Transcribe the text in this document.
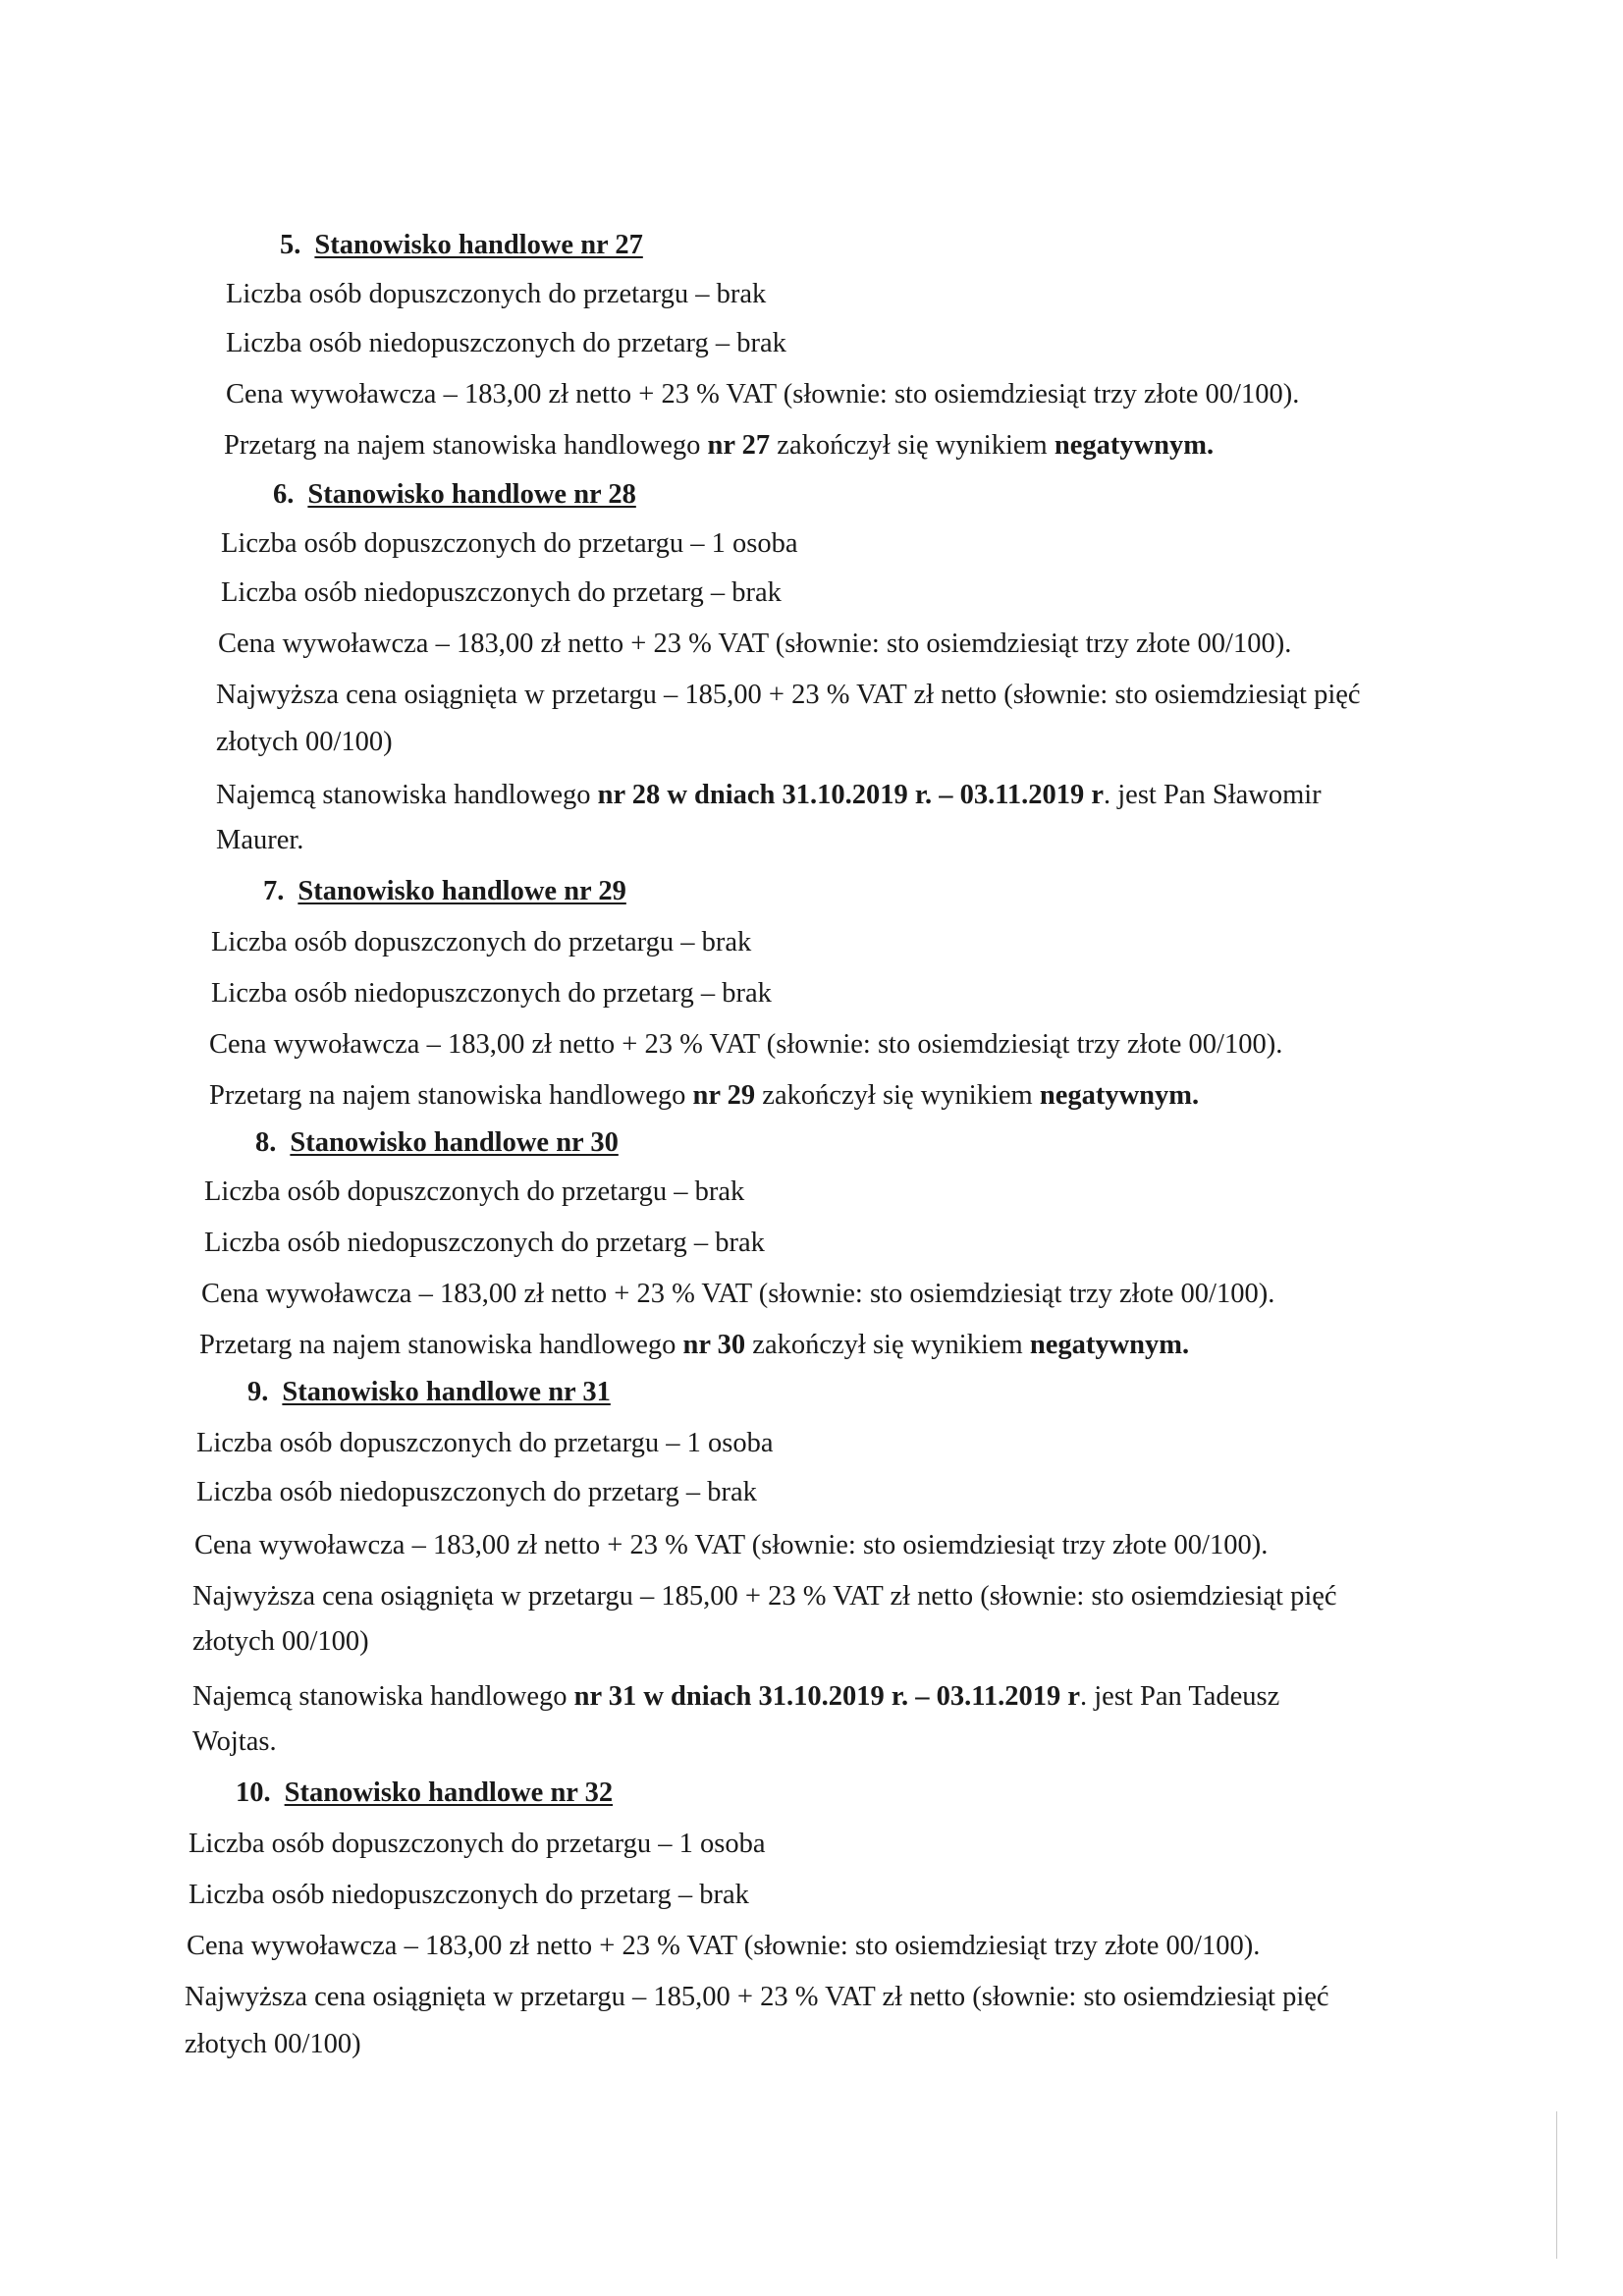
5. Stanowisko handlowe nr 27
Liczba osób dopuszczonych do przetargu – brak
Liczba osób niedopuszczonych do przetarg – brak
Cena wywoławcza – 183,00 zł netto + 23 % VAT (słownie: sto osiemdziesiąt trzy złote 00/100).
Przetarg na najem stanowiska handlowego nr 27 zakończył się wynikiem negatywnym.
6. Stanowisko handlowe nr 28
Liczba osób dopuszczonych do przetargu – 1 osoba
Liczba osób niedopuszczonych do przetarg – brak
Cena wywoławcza – 183,00 zł netto + 23 % VAT (słownie: sto osiemdziesiąt trzy złote 00/100).
Najwyższa cena osiągnięta w przetargu – 185,00 + 23 % VAT zł netto (słownie: sto osiemdziesiąt pięć
złotych 00/100)
Najemcą stanowiska handlowego nr 28 w dniach 31.10.2019 r. – 03.11.2019 r. jest Pan Sławomir
Maurer.
7. Stanowisko handlowe nr 29
Liczba osób dopuszczonych do przetargu – brak
Liczba osób niedopuszczonych do przetarg – brak
Cena wywoławcza – 183,00 zł netto + 23 % VAT (słownie: sto osiemdziesiąt trzy złote 00/100).
Przetarg na najem stanowiska handlowego nr 29 zakończył się wynikiem negatywnym.
8. Stanowisko handlowe nr 30
Liczba osób dopuszczonych do przetargu – brak
Liczba osób niedopuszczonych do przetarg – brak
Cena wywoławcza – 183,00 zł netto + 23 % VAT (słownie: sto osiemdziesiąt trzy złote 00/100).
Przetarg na najem stanowiska handlowego nr 30 zakończył się wynikiem negatywnym.
9. Stanowisko handlowe nr 31
Liczba osób dopuszczonych do przetargu – 1 osoba
Liczba osób niedopuszczonych do przetarg – brak
Cena wywoławcza – 183,00 zł netto + 23 % VAT (słownie: sto osiemdziesiąt trzy złote 00/100).
Najwyższa cena osiągnięta w przetargu – 185,00 + 23 % VAT zł netto (słownie: sto osiemdziesiąt pięć
złotych 00/100)
Najemcą stanowiska handlowego nr 31 w dniach 31.10.2019 r. – 03.11.2019 r. jest Pan Tadeusz
Wojtas.
10. Stanowisko handlowe nr 32
Liczba osób dopuszczonych do przetargu – 1 osoba
Liczba osób niedopuszczonych do przetarg – brak
Cena wywoławcza – 183,00 zł netto + 23 % VAT (słownie: sto osiemdziesiąt trzy złote 00/100).
Najwyższa cena osiągnięta w przetargu – 185,00 + 23 % VAT zł netto (słownie: sto osiemdziesiąt pięć
złotych 00/100)
